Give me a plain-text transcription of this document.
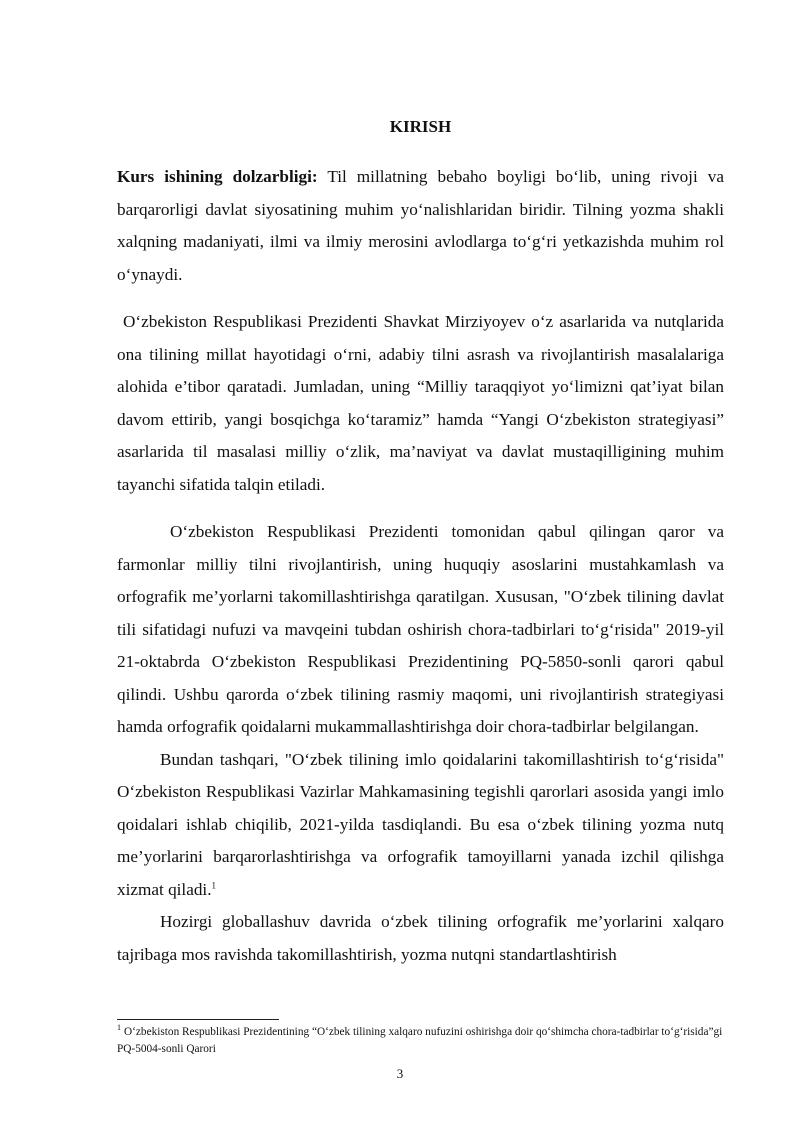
KIRISH

Kurs ishining dolzarbligi: Til millatning bebaho boyligi bo‘lib, uning rivoji va barqarorligi davlat siyosatining muhim yo‘nalishlaridan biridir. Tilning yozma shakli xalqning madaniyati, ilmi va ilmiy merosini avlodlarga to‘g‘ri yetkazishda muhim rol o‘ynaydi.

O‘zbekiston Respublikasi Prezidenti Shavkat Mirziyoyev o‘z asarlarida va nutqlarida ona tilining millat hayotidagi o‘rni, adabiy tilni asrash va rivojlantirish masalalariga alohida e’tibor qaratadi. Jumladan, uning “Milliy taraqqiyot yo‘limizni qat’iyat bilan davom ettirib, yangi bosqichga ko‘taramiz” hamda “Yangi O‘zbekiston strategiyasi” asarlarida til masalasi milliy o‘zlik, ma’naviyat va davlat mustaqilligining muhim tayanchi sifatida talqin etiladi.

O‘zbekiston Respublikasi Prezidenti tomonidan qabul qilingan qaror va farmonlar milliy tilni rivojlantirish, uning huquqiy asoslarini mustahkamlash va orfografik me’yorlarni takomillashtirishga qaratilgan. Xususan, "O‘zbek tilining davlat tili sifatidagi nufuzi va mavqeini tubdan oshirish chora-tadbirlari to‘g‘risida" 2019-yil 21-oktabrda O‘zbekiston Respublikasi Prezidentining PQ-5850-sonli qarori qabul qilindi. Ushbu qarorda o‘zbek tilining rasmiy maqomi, uni rivojlantirish strategiyasi hamda orfografik qoidalarni mukammallashtirishga doir chora-tadbirlar belgilangan.

Bundan tashqari, "O‘zbek tilining imlo qoidalarini takomillashtirish to‘g‘risida" O‘zbekiston Respublikasi Vazirlar Mahkamasining tegishli qarorlari asosida yangi imlo qoidalari ishlab chiqilib, 2021-yilda tasdiqlandi. Bu esa o‘zbek tilining yozma nutq me’yorlarini barqarorlashtirishga va orfografik tamoyillarni yanada izchil qilishga xizmat qiladi.$^1$

Hozirgi globallashuv davrida o‘zbek tilining orfografik me’yorlarini xalqaro tajribaga mos ravishda takomillashtirish, yozma nutqni standartlashtirish

$^1$ O‘zbekiston Respublikasi Prezidentining “O‘zbek tilining xalqaro nufuzini oshirishga doir qo‘shimcha chora-tadbirlar to‘g‘risida”gi PQ-5004-sonli Qarori
3
